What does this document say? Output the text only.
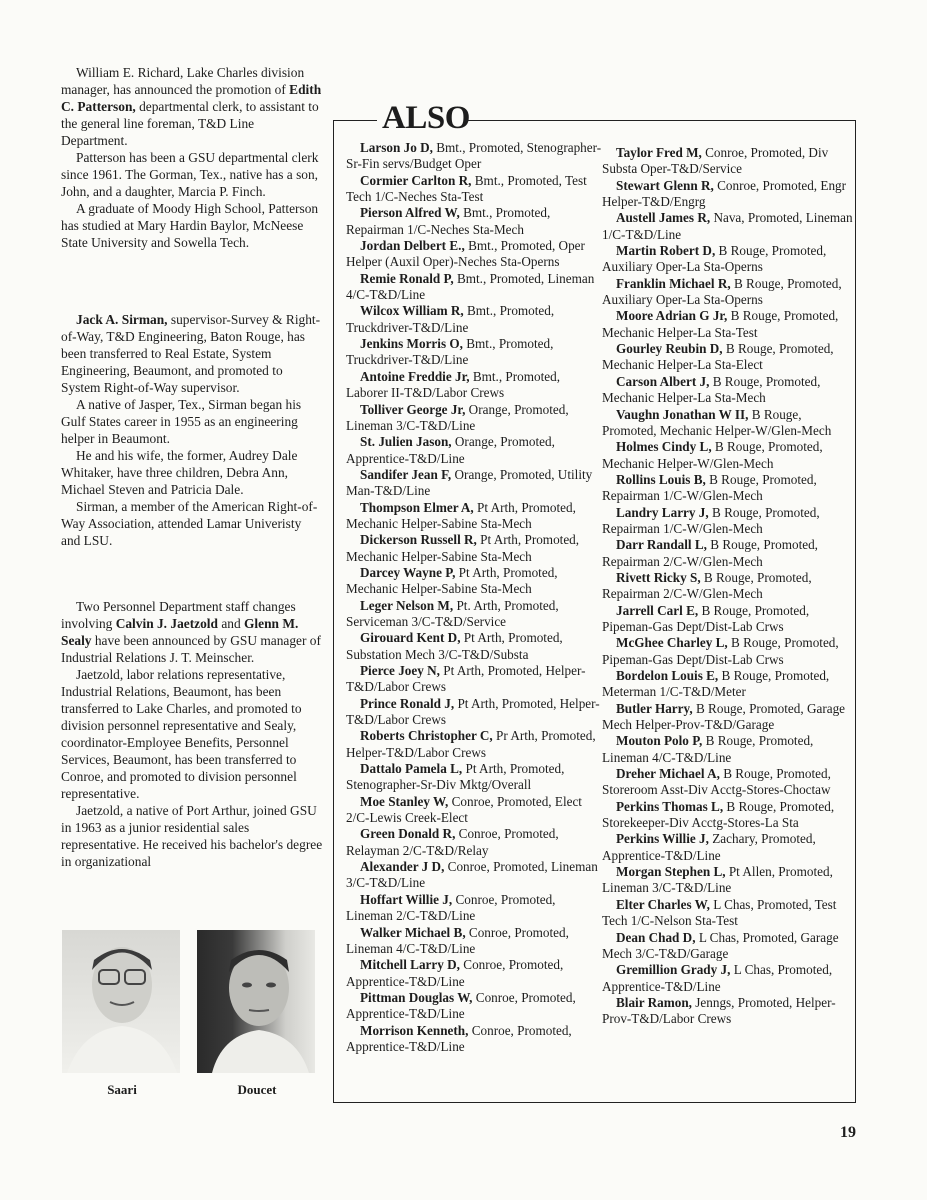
William E. Richard, Lake Charles division manager, has announced the promotion of Edith C. Patterson, departmental clerk, to assistant to the general line foreman, T&D Line Department.

Patterson has been a GSU departmental clerk since 1961. The Gorman, Tex., native has a son, John, and a daughter, Marcia P. Finch.

A graduate of Moody High School, Patterson has studied at Mary Hardin Baylor, McNeese State University and Sowella Tech.

Jack A. Sirman, supervisor-Survey & Right-of-Way, T&D Engineering, Baton Rouge, has been transferred to Real Estate, System Engineering, Beaumont, and promoted to System Right-of-Way supervisor.

A native of Jasper, Tex., Sirman began his Gulf States career in 1955 as an engineering helper in Beaumont.

He and his wife, the former, Audrey Dale Whitaker, have three children, Debra Ann, Michael Steven and Patricia Dale.

Sirman, a member of the American Right-of-Way Association, attended Lamar Univeristy and LSU.

Two Personnel Department staff changes involving Calvin J. Jaetzold and Glenn M. Sealy have been announced by GSU manager of Industrial Relations J. T. Meinscher.

Jaetzold, labor relations representative, Industrial Relations, Beaumont, has been transferred to Lake Charles, and promoted to division personnel representative and Sealy, coordinator-Employee Benefits, Personnel Services, Beaumont, has been transferred to Conroe, and promoted to division personnel representative.

Jaetzold, a native of Port Arthur, joined GSU in 1963 as a junior residential sales representative. He received his bachelor's degree in organizational

Saari	Doucet
ALSO

Larson Jo D, Bmt., Promoted, Stenographer-Sr-Fin servs/Budget Oper

Cormier Carlton R, Bmt., Promoted, Test Tech 1/C-Neches Sta-Test

Pierson Alfred W, Bmt., Promoted, Repairman 1/C-Neches Sta-Mech

Jordan Delbert E., Bmt., Promoted, Oper Helper (Auxil Oper)-Neches Sta-Operns

Remie Ronald P, Bmt., Promoted, Lineman 4/C-T&D/Line

Wilcox William R, Bmt., Promoted, Truckdriver-T&D/Line

Jenkins Morris O, Bmt., Promoted, Truckdriver-T&D/Line

Antoine Freddie Jr, Bmt., Promoted, Laborer II-T&D/Labor Crews

Tolliver George Jr, Orange, Promoted, Lineman 3/C-T&D/Line

St. Julien Jason, Orange, Promoted, Apprentice-T&D/Line

Sandifer Jean F, Orange, Promoted, Utility Man-T&D/Line

Thompson Elmer A, Pt Arth, Promoted, Mechanic Helper-Sabine Sta-Mech

Dickerson Russell R, Pt Arth, Promoted, Mechanic Helper-Sabine Sta-Mech

Darcey Wayne P, Pt Arth, Promoted, Mechanic Helper-Sabine Sta-Mech

Leger Nelson M, Pt. Arth, Promoted, Serviceman 3/C-T&D/Service

Girouard Kent D, Pt Arth, Promoted, Substation Mech 3/C-T&D/Substa

Pierce Joey N, Pt Arth, Promoted, Helper-T&D/Labor Crews

Prince Ronald J, Pt Arth, Promoted, Helper-T&D/Labor Crews

Roberts Christopher C, Pr Arth, Promoted, Helper-T&D/Labor Crews

Dattalo Pamela L, Pt Arth, Promoted, Stenographer-Sr-Div Mktg/Overall

Moe Stanley W, Conroe, Promoted, Elect 2/C-Lewis Creek-Elect

Green Donald R, Conroe, Promoted, Relayman 2/C-T&D/Relay

Alexander J D, Conroe, Promoted, Lineman 3/C-T&D/Line

Hoffart Willie J, Conroe, Promoted, Lineman 2/C-T&D/Line

Walker Michael B, Conroe, Promoted, Lineman 4/C-T&D/Line

Mitchell Larry D, Conroe, Promoted, Apprentice-T&D/Line

Pittman Douglas W, Conroe, Promoted, Apprentice-T&D/Line

Morrison Kenneth, Conroe, Promoted, Apprentice-T&D/Line

Taylor Fred M, Conroe, Promoted, Div Substa Oper-T&D/Service

Stewart Glenn R, Conroe, Promoted, Engr Helper-T&D/Engrg

Austell James R, Nava, Promoted, Lineman 1/C-T&D/Line

Martin Robert D, B Rouge, Promoted, Auxiliary Oper-La Sta-Operns

Franklin Michael R, B Rouge, Promoted, Auxiliary Oper-La Sta-Operns

Moore Adrian G Jr, B Rouge, Promoted, Mechanic Helper-La Sta-Test

Gourley Reubin D, B Rouge, Promoted, Mechanic Helper-La Sta-Elect

Carson Albert J, B Rouge, Promoted, Mechanic Helper-La Sta-Mech

Vaughn Jonathan W II, B Rouge, Promoted, Mechanic Helper-W/Glen-Mech

Holmes Cindy L, B Rouge, Promoted, Mechanic Helper-W/Glen-Mech

Rollins Louis B, B Rouge, Promoted, Repairman 1/C-W/Glen-Mech

Landry Larry J, B Rouge, Promoted, Repairman 1/C-W/Glen-Mech

Darr Randall L, B Rouge, Promoted, Repairman 2/C-W/Glen-Mech

Rivett Ricky S, B Rouge, Promoted, Repairman 2/C-W/Glen-Mech

Jarrell Carl E, B Rouge, Promoted, Pipeman-Gas Dept/Dist-Lab Crws

McGhee Charley L, B Rouge, Promoted, Pipeman-Gas Dept/Dist-Lab Crws

Bordelon Louis E, B Rouge, Promoted, Meterman 1/C-T&D/Meter

Butler Harry, B Rouge, Promoted, Garage Mech Helper-Prov-T&D/Garage

Mouton Polo P, B Rouge, Promoted, Lineman 4/C-T&D/Line

Dreher Michael A, B Rouge, Promoted, Storeroom Asst-Div Acctg-Stores-Choctaw

Perkins Thomas L, B Rouge, Promoted, Storekeeper-Div Acctg-Stores-La Sta

Perkins Willie J, Zachary, Promoted, Apprentice-T&D/Line

Morgan Stephen L, Pt Allen, Promoted, Lineman 3/C-T&D/Line

Elter Charles W, L Chas, Promoted, Test Tech 1/C-Nelson Sta-Test

Dean Chad D, L Chas, Promoted, Garage Mech 3/C-T&D/Garage

Gremillion Grady J, L Chas, Promoted, Apprentice-T&D/Line

Blair Ramon, Jenngs, Promoted, Helper-Prov-T&D/Labor Crews

19
